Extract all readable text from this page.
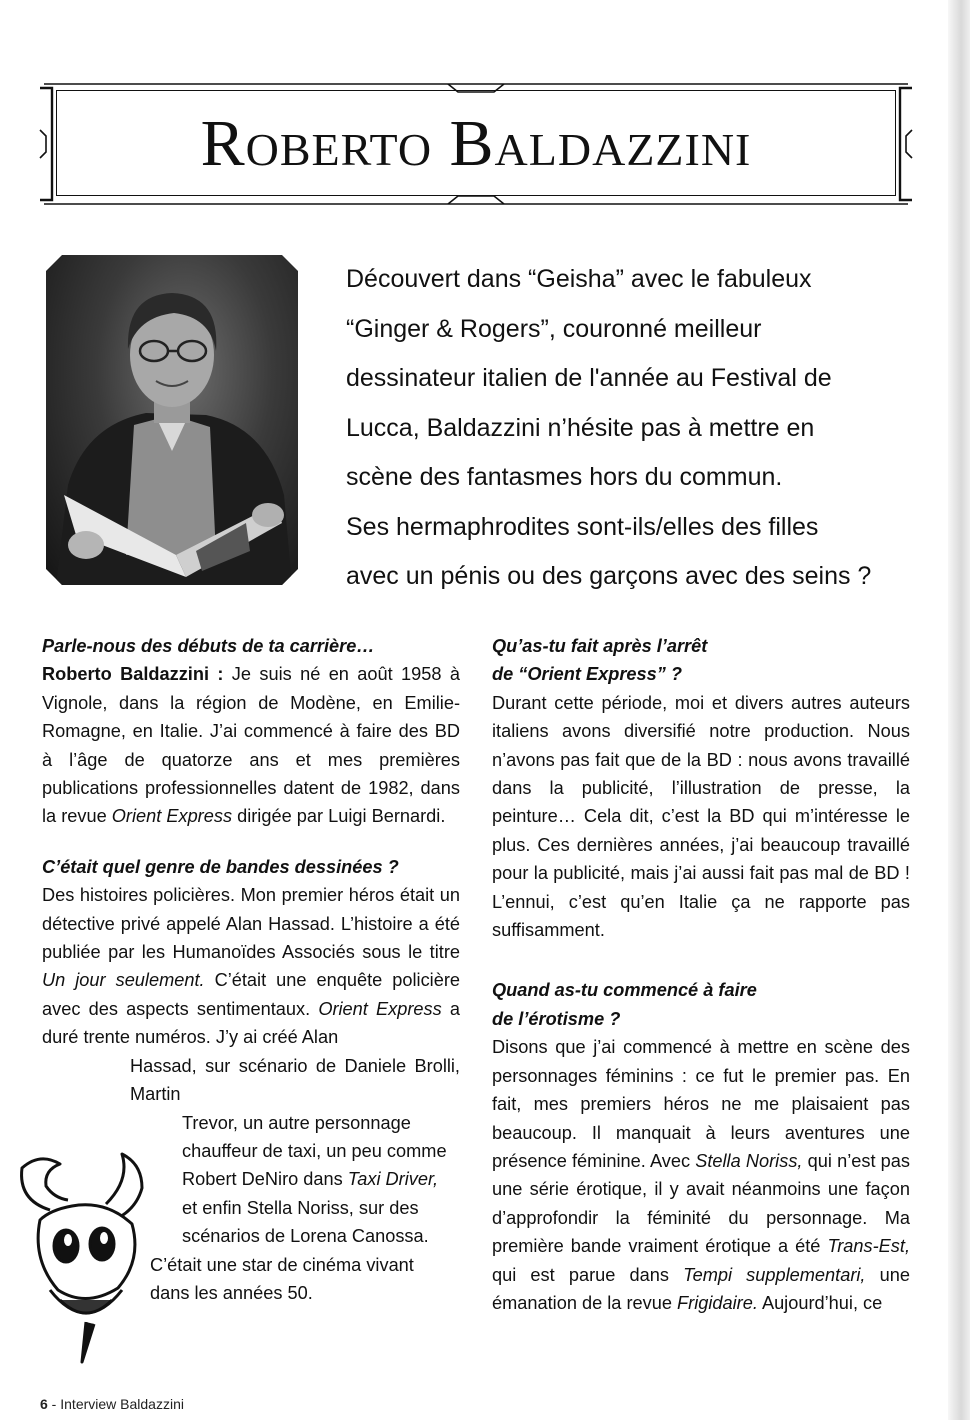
Roberto Baldazzini
Découvert dans “Geisha” avec le fabuleux
“Ginger & Rogers”, couronné meilleur
dessinateur italien de l'année au Festival de
Lucca, Baldazzini n’hésite pas à mettre en
scène des fantasmes hors du commun.
Ses hermaphrodites sont-ils/elles des filles
avec un pénis ou des garçons avec des seins ?

Parle-nous des débuts de ta carrière…

Roberto Baldazzini : Je suis né en août 1958 à Vignole, dans la région de Modène, en Emilie-Romagne, en Italie. J’ai commencé à faire des BD à l’âge de quatorze ans et mes premières publications professionnelles datent de 1982, dans la revue Orient Express dirigée par Luigi Bernardi.

C’était quel genre de bandes dessinées ?

Des histoires policières. Mon premier héros était un détective privé appelé Alan Hassad. L’histoire a été publiée par les Humanoïdes Associés sous le titre Un jour seulement. C’était une enquête policière avec des aspects sentimentaux. Orient Express a duré trente numéros. J’y ai créé Alan

Hassad, sur scénario de Daniele Brolli, Martin

Trevor, un autre personnage

chauffeur de taxi, un peu comme

Robert DeNiro dans Taxi Driver,

et enfin Stella Noriss, sur des

scénarios de Lorena Canossa.

C’était une star de cinéma vivant

dans les années 50.

Qu’as-tu fait après l’arrêt

de “Orient Express” ?

Durant cette période, moi et divers autres auteurs italiens avons diversifié notre production. Nous n’avons pas fait que de la BD : nous avons travaillé dans la publicité, l’illustration de presse, la peinture… Cela dit, c’est la BD qui m’intéresse le plus. Ces dernières années, j’ai beaucoup travaillé pour la publicité, mais j’ai aussi fait pas mal de BD ! L’ennui, c’est qu’en Italie ça ne rapporte pas suffisamment.

Quand as-tu commencé à faire

de l’érotisme ?

Disons que j’ai commencé à mettre en scène des personnages féminins : ce fut le premier pas. En fait, mes premiers héros ne me plaisaient pas beaucoup. Il manquait à leurs aventures une présence féminine. Avec Stella Noriss, qui n’est pas une série érotique, il y avait néanmoins une façon d’approfondir la féminité du personnage. Ma première bande vraiment érotique a été Trans-Est, qui est parue dans Tempi supplementari, une émanation de la revue Frigidaire. Aujourd’hui, ce

6 - Interview Baldazzini
